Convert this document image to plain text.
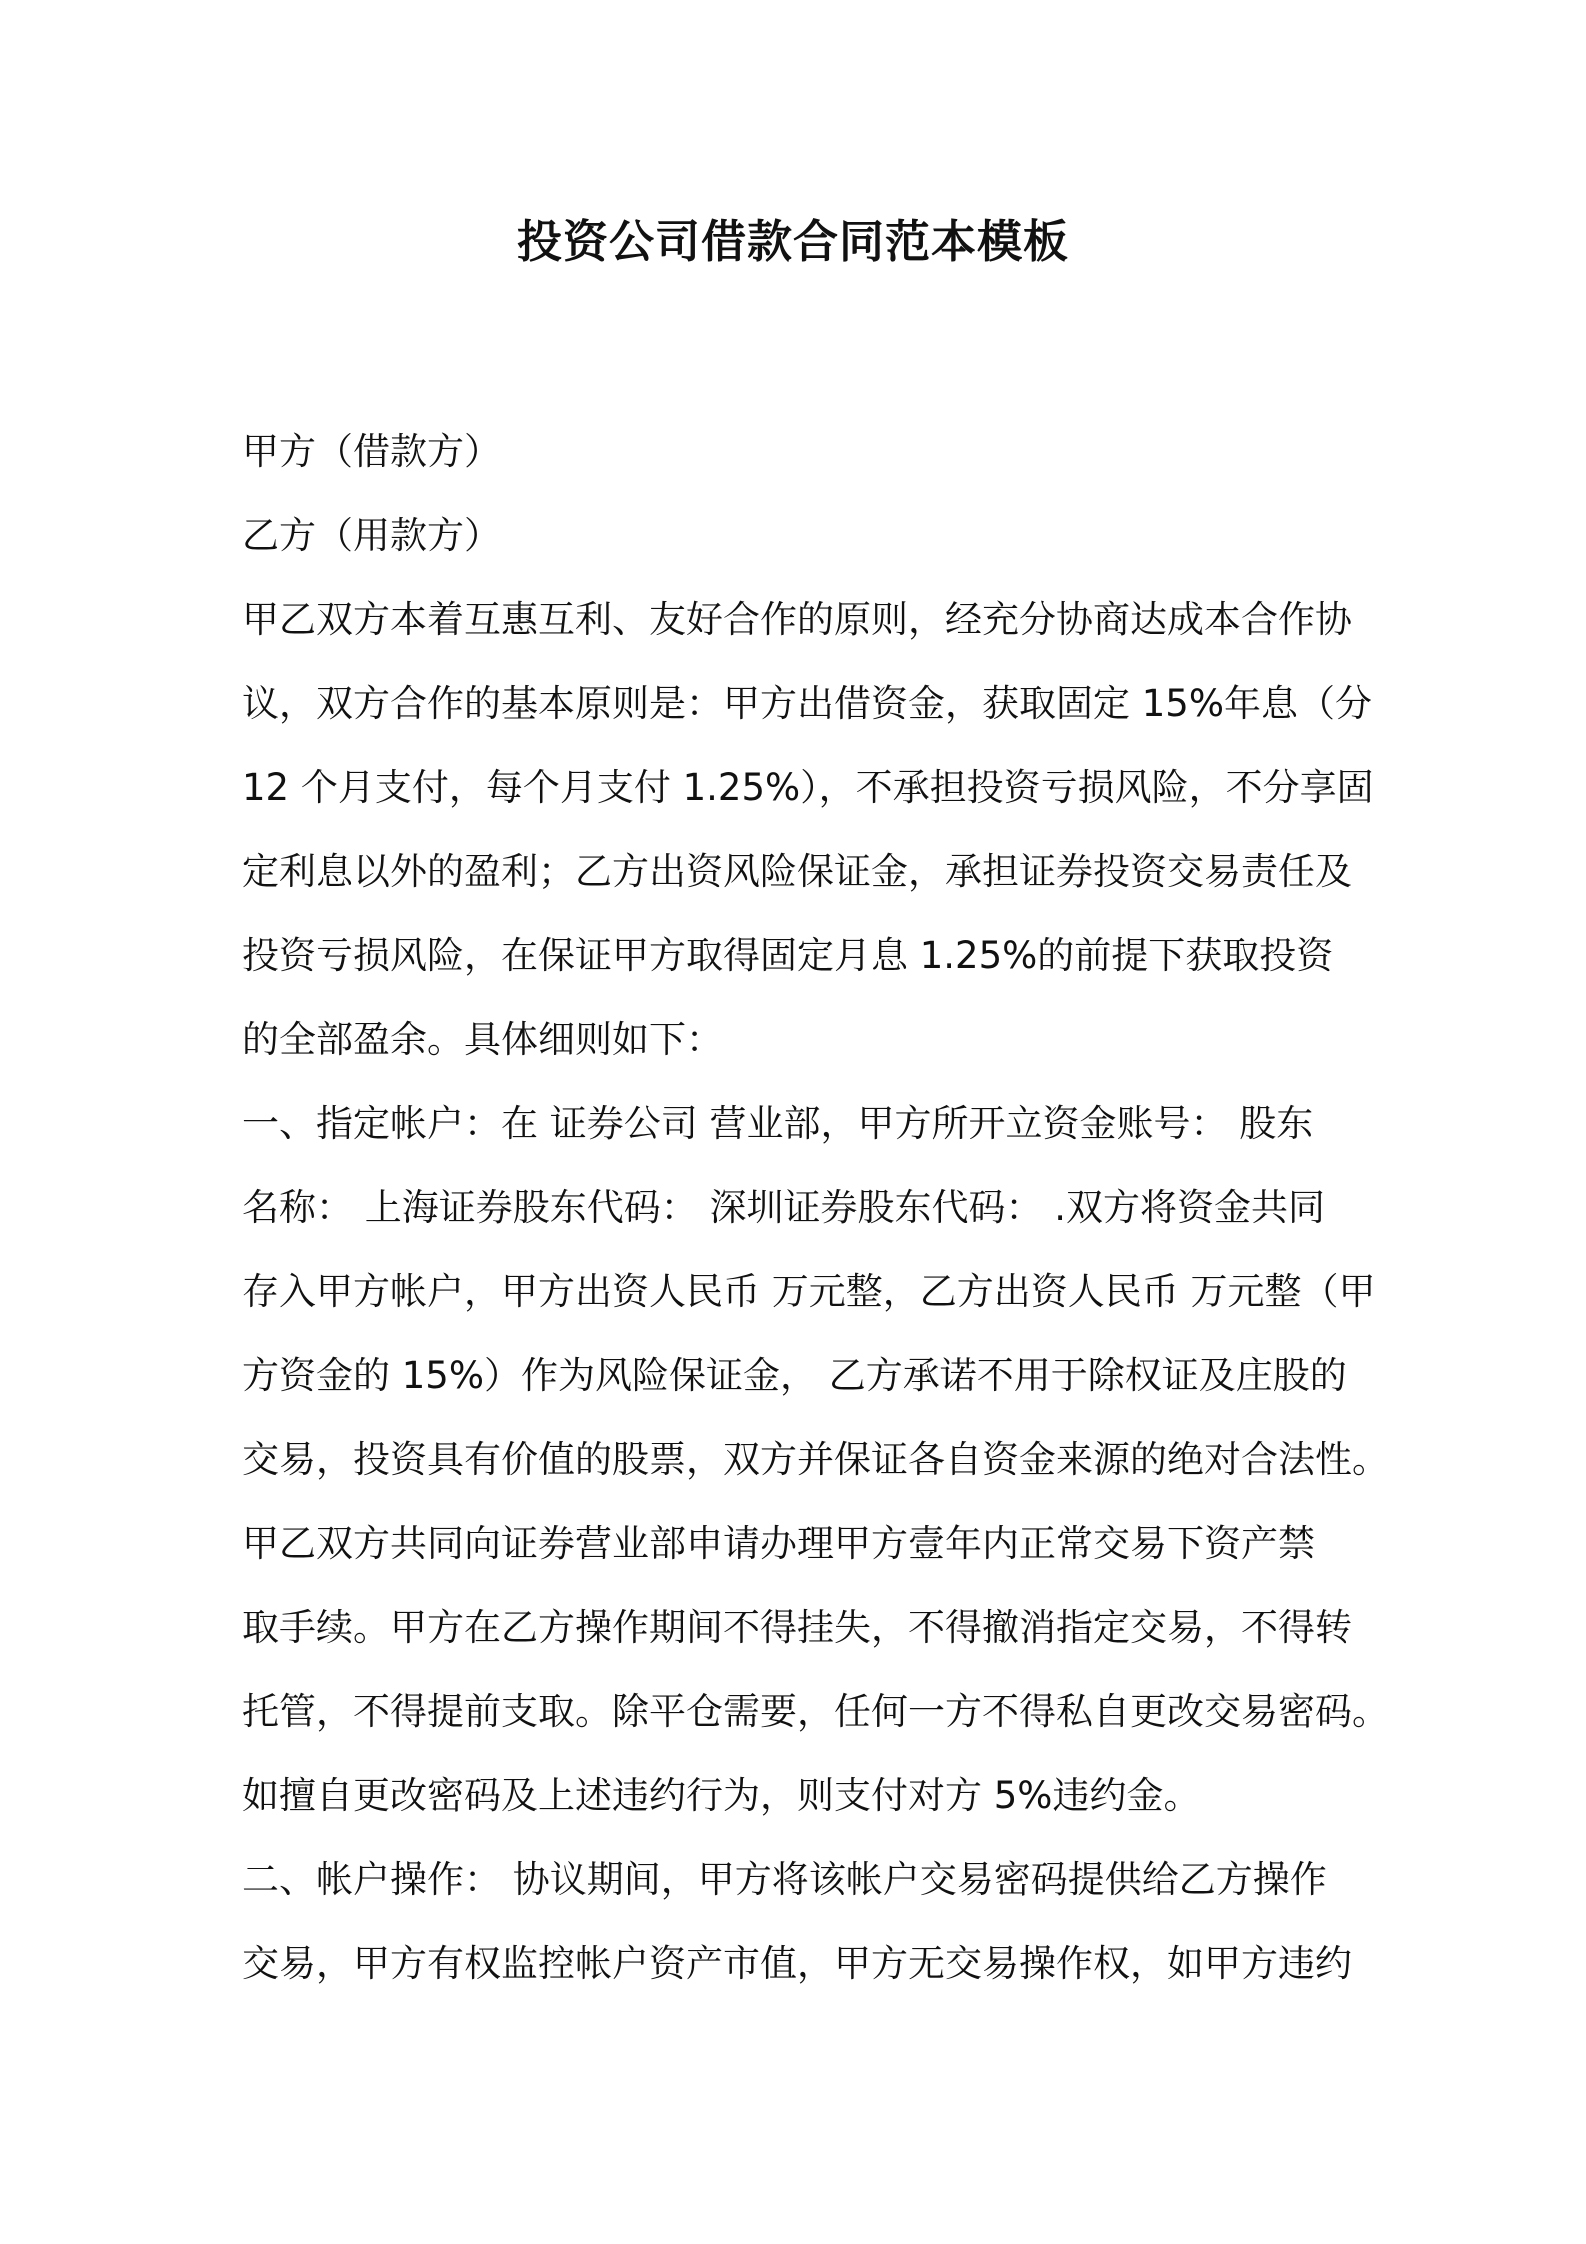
投资公司借款合同范本模板
甲方（借款方）
乙方（用款方）
甲乙双方本着互惠互利、友好合作的原则，经充分协商达成本合作协
议，双方合作的基本原则是：甲方出借资金，获取固定 15%年息（分
12 个月支付，每个月支付 1.25%），不承担投资亏损风险，不分享固
定利息以外的盈利；乙方出资风险保证金，承担证券投资交易责任及
投资亏损风险，在保证甲方取得固定月息 1.25%的前提下获取投资
的全部盈余。具体细则如下：
一、指定帐户：在 证券公司 营业部，甲方所开立资金账号： 股东
名称： 上海证券股东代码： 深圳证券股东代码： .双方将资金共同
存入甲方帐户，甲方出资人民币 万元整，乙方出资人民币 万元整（甲
方资金的 15%）作为风险保证金， 乙方承诺不用于除权证及庄股的
交易，投资具有价值的股票，双方并保证各自资金来源的绝对合法性。
甲乙双方共同向证券营业部申请办理甲方壹年内正常交易下资产禁
取手续。甲方在乙方操作期间不得挂失，不得撤消指定交易，不得转
托管，不得提前支取。除平仓需要，任何一方不得私自更改交易密码。
如擅自更改密码及上述违约行为，则支付对方 5%违约金。
二、帐户操作： 协议期间，甲方将该帐户交易密码提供给乙方操作
交易，甲方有权监控帐户资产市值，甲方无交易操作权，如甲方违约
